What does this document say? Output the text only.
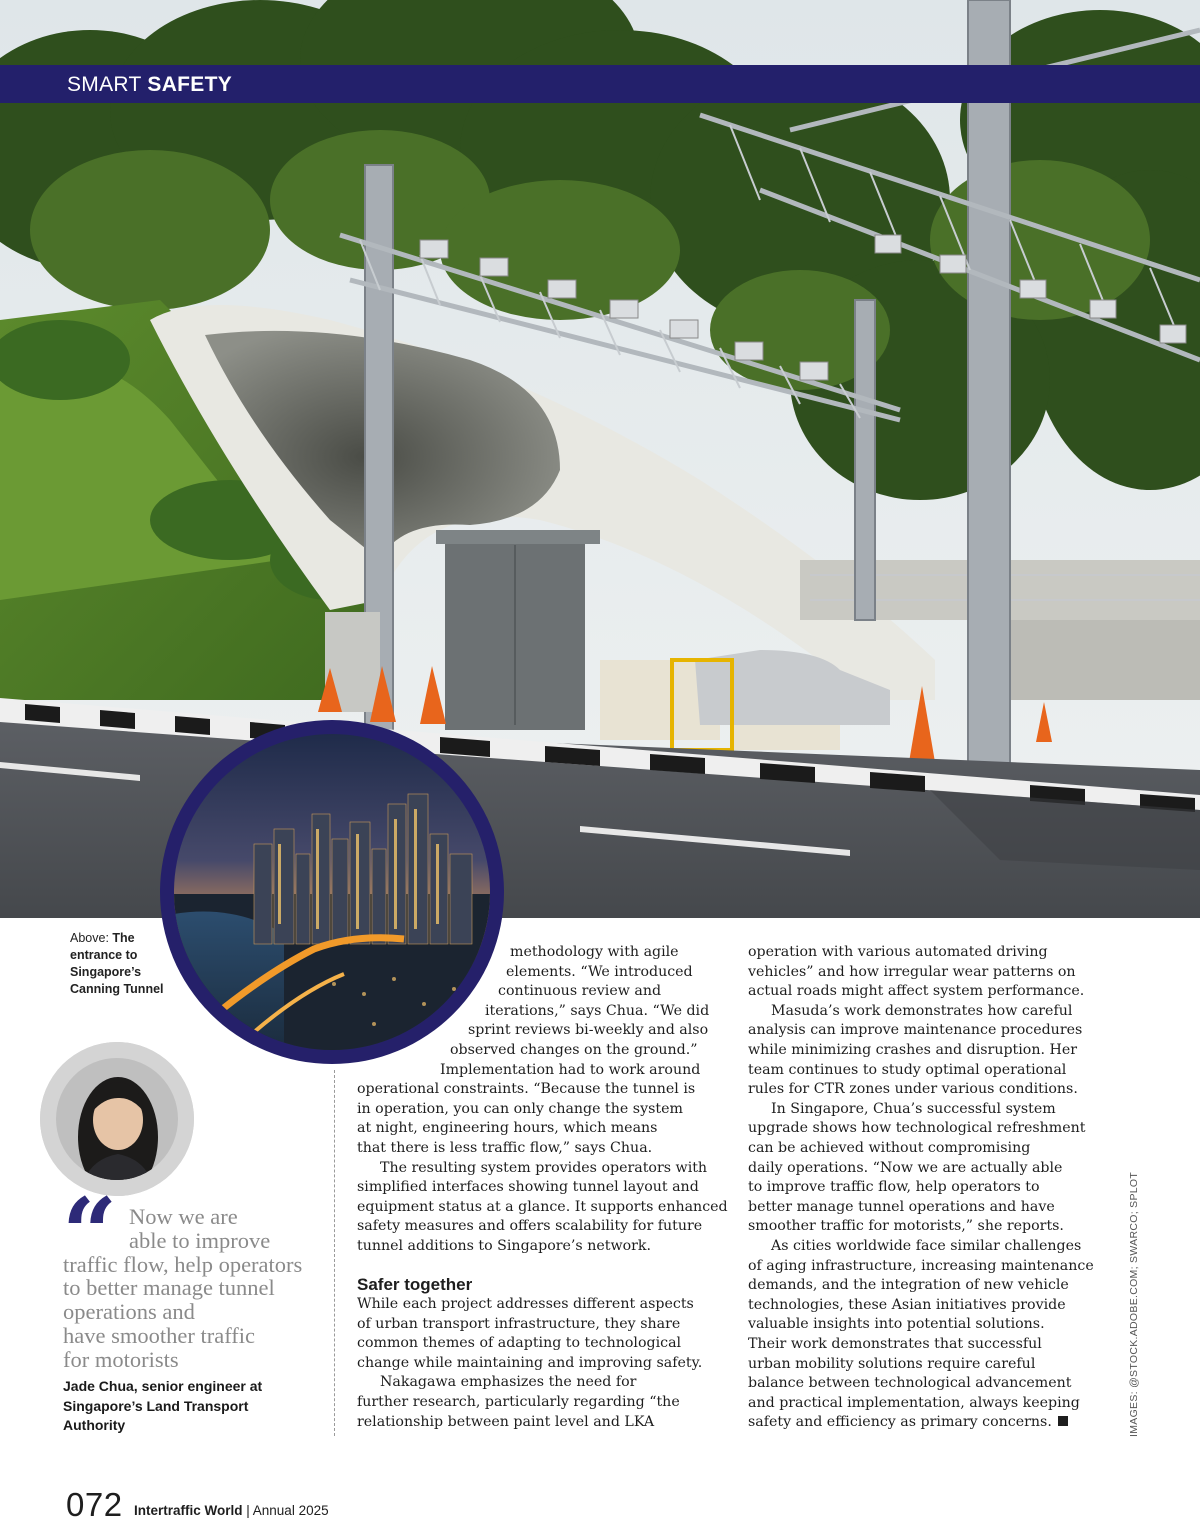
SMART SAFETY
Above: The entrance to Singapore’s Canning Tunnel
“ Now we are
able to improve
traffic flow, help operators
to better manage tunnel
operations and
have smoother traffic
for motorists
Jade Chua, senior engineer at Singapore’s Land Transport Authority
methodology with agile
elements. “We introduced
continuous review and
iterations,” says Chua. “We did
sprint reviews bi-weekly and also
observed changes on the ground.”
Implementation had to work around
operational constraints. “Because the tunnel is
in operation, you can only change the system
at night, engineering hours, which means
that there is less traffic flow,” says Chua.
The resulting system provides operators with
simplified interfaces showing tunnel layout and
equipment status at a glance. It supports enhanced
safety measures and offers scalability for future
tunnel additions to Singapore’s network.
Safer together
While each project addresses different aspects
of urban transport infrastructure, they share
common themes of adapting to technological
change while maintaining and improving safety.
Nakagawa emphasizes the need for
further research, particularly regarding “the
relationship between paint level and LKA
operation with various automated driving
vehicles” and how irregular wear patterns on
actual roads might affect system performance.
Masuda’s work demonstrates how careful
analysis can improve maintenance procedures
while minimizing crashes and disruption. Her
team continues to study optimal operational
rules for CTR zones under various conditions.
In Singapore, Chua’s successful system
upgrade shows how technological refreshment
can be achieved without compromising
daily operations. “Now we are actually able
to improve traffic flow, help operators to
better manage tunnel operations and have
smoother traffic for motorists,” she reports.
As cities worldwide face similar challenges
of aging infrastructure, increasing maintenance
demands, and the integration of new vehicle
technologies, these Asian initiatives provide
valuable insights into potential solutions.
Their work demonstrates that successful
urban mobility solutions require careful
balance between technological advancement
and practical implementation, always keeping
safety and efficiency as primary concerns.	IMAGES: @STOCK.ADOBE.COM; SWARCO; SPLOT
072 Intertraffic World | Annual 2025
